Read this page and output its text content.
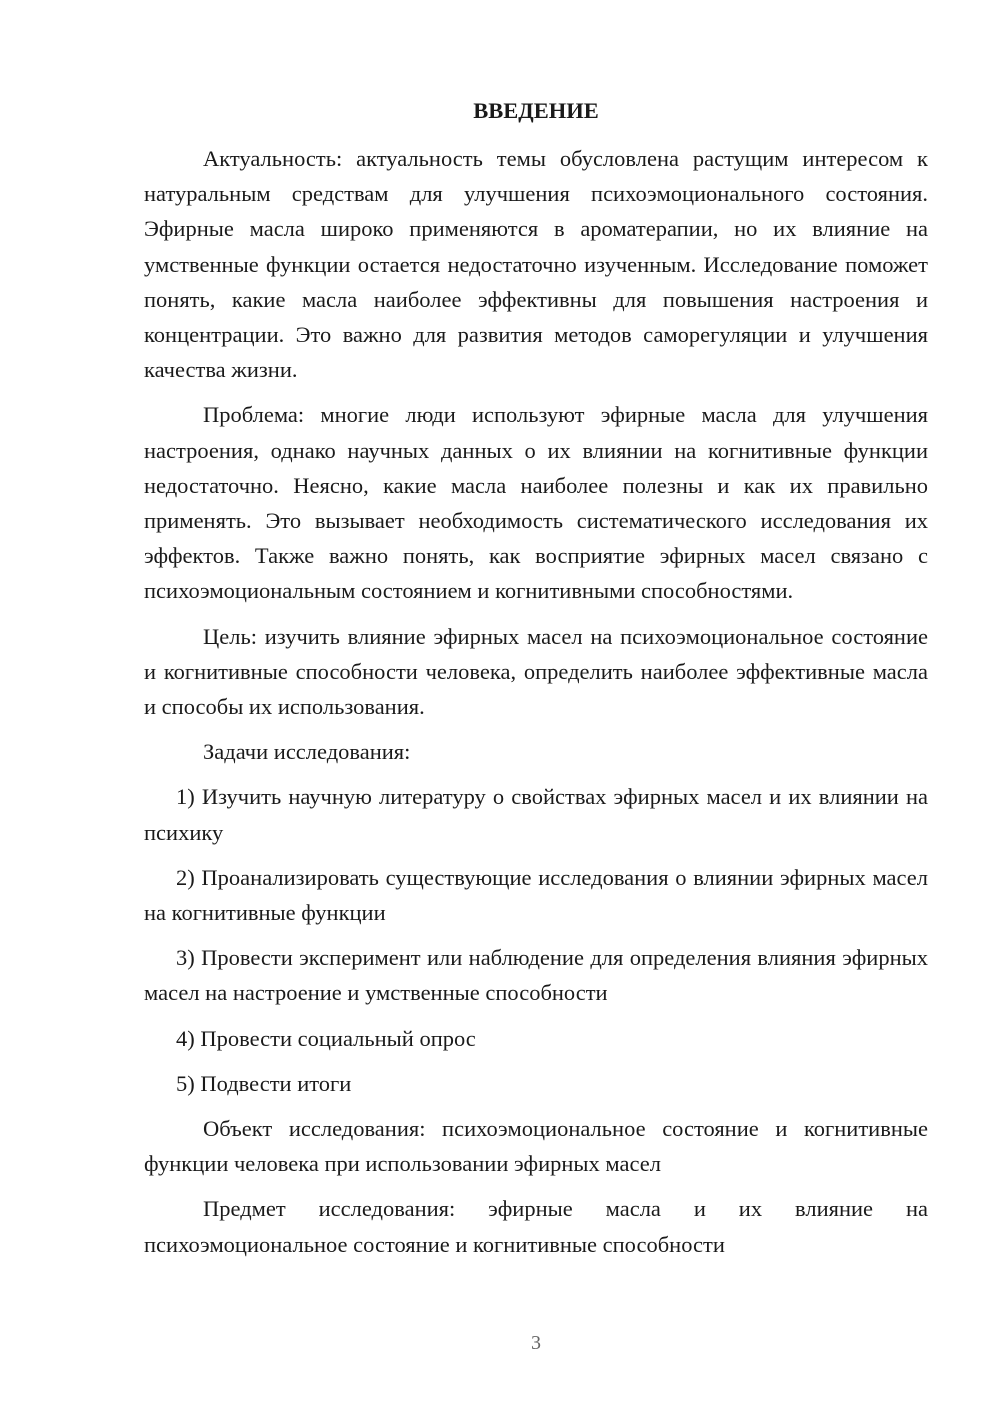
ВВЕДЕНИЕ

Актуальность: актуальность темы обусловлена растущим интересом к натуральным средствам для улучшения психоэмоционального состояния. Эфирные масла широко применяются в ароматерапии, но их влияние на умственные функции остается недостаточно изученным. Исследование поможет понять, какие масла наиболее эффективны для повышения настроения и концентрации. Это важно для развития методов саморегуляции и улучшения качества жизни.

Проблема: многие люди используют эфирные масла для улучшения настроения, однако научных данных о их влиянии на когнитивные функции недостаточно. Неясно, какие масла наиболее полезны и как их правильно применять. Это вызывает необходимость систематического исследования их эффектов. Также важно понять, как восприятие эфирных масел связано с психоэмоциональным состоянием и когнитивными способностями.

Цель: изучить влияние эфирных масел на психоэмоциональное состояние и когнитивные способности человека, определить наиболее эффективные масла и способы их использования.

Задачи исследования:

1) Изучить научную литературу о свойствах эфирных масел и их влиянии на психику

2) Проанализировать существующие исследования о влиянии эфирных масел на когнитивные функции

3) Провести эксперимент или наблюдение для определения влияния эфирных масел на настроение и умственные способности

4) Провести социальный опрос

5) Подвести итоги

Объект исследования: психоэмоциональное состояние и когнитивные функции человека при использовании эфирных масел

Предмет исследования: эфирные масла и их влияние на психоэмоциональное состояние и когнитивные способности

3
